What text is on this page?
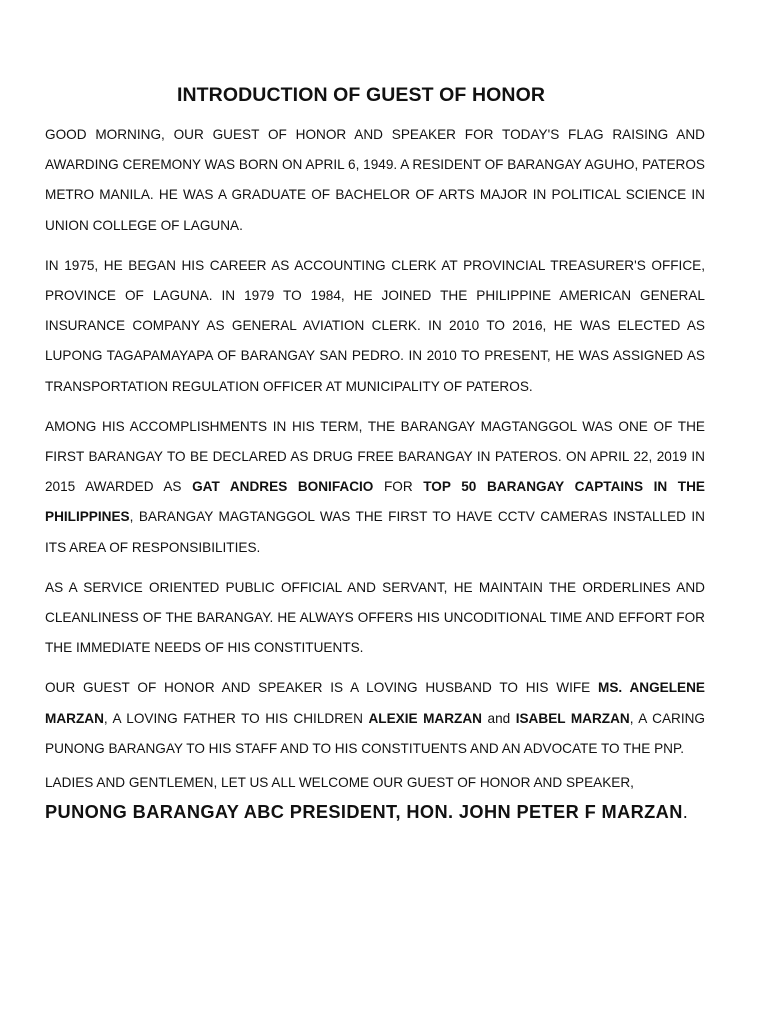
INTRODUCTION OF GUEST OF HONOR

GOOD MORNING, OUR GUEST OF HONOR AND SPEAKER FOR TODAY'S FLAG RAISING AND AWARDING CEREMONY WAS BORN ON APRIL 6, 1949. A RESIDENT OF BARANGAY AGUHO, PATEROS METRO MANILA. HE WAS A GRADUATE OF BACHELOR OF ARTS MAJOR IN POLITICAL SCIENCE IN UNION COLLEGE OF LAGUNA.

IN 1975, HE BEGAN HIS CAREER AS ACCOUNTING CLERK AT PROVINCIAL TREASURER'S OFFICE, PROVINCE OF LAGUNA. IN 1979 TO 1984, HE JOINED THE PHILIPPINE AMERICAN GENERAL INSURANCE COMPANY AS GENERAL AVIATION CLERK. IN 2010 TO 2016, HE WAS ELECTED AS LUPONG TAGAPAMAYAPA OF BARANGAY SAN PEDRO. IN 2010 TO PRESENT, HE WAS ASSIGNED AS TRANSPORTATION REGULATION OFFICER AT MUNICIPALITY OF PATEROS.

AMONG HIS ACCOMPLISHMENTS IN HIS TERM, THE BARANGAY MAGTANGGOL WAS ONE OF THE FIRST BARANGAY TO BE DECLARED AS DRUG FREE BARANGAY IN PATEROS. ON APRIL 22, 2019 IN 2015 AWARDED AS GAT ANDRES BONIFACIO FOR TOP 50 BARANGAY CAPTAINS IN THE PHILIPPINES, BARANGAY MAGTANGGOL WAS THE FIRST TO HAVE CCTV CAMERAS INSTALLED IN ITS AREA OF RESPONSIBILITIES.

AS A SERVICE ORIENTED PUBLIC OFFICIAL AND SERVANT, HE MAINTAIN THE ORDERLINES AND CLEANLINESS OF THE BARANGAY. HE ALWAYS OFFERS HIS UNCODITIONAL TIME AND EFFORT FOR THE IMMEDIATE NEEDS OF HIS CONSTITUENTS.

OUR GUEST OF HONOR AND SPEAKER IS A LOVING HUSBAND TO HIS WIFE MS. ANGELENE MARZAN, A LOVING FATHER TO HIS CHILDREN ALEXIE MARZAN and ISABEL MARZAN, A CARING PUNONG BARANGAY TO HIS STAFF AND TO HIS CONSTITUENTS AND AN ADVOCATE TO THE PNP.

LADIES AND GENTLEMEN, LET US ALL WELCOME OUR GUEST OF HONOR AND SPEAKER,

PUNONG BARANGAY ABC PRESIDENT, HON. JOHN PETER F MARZAN.
